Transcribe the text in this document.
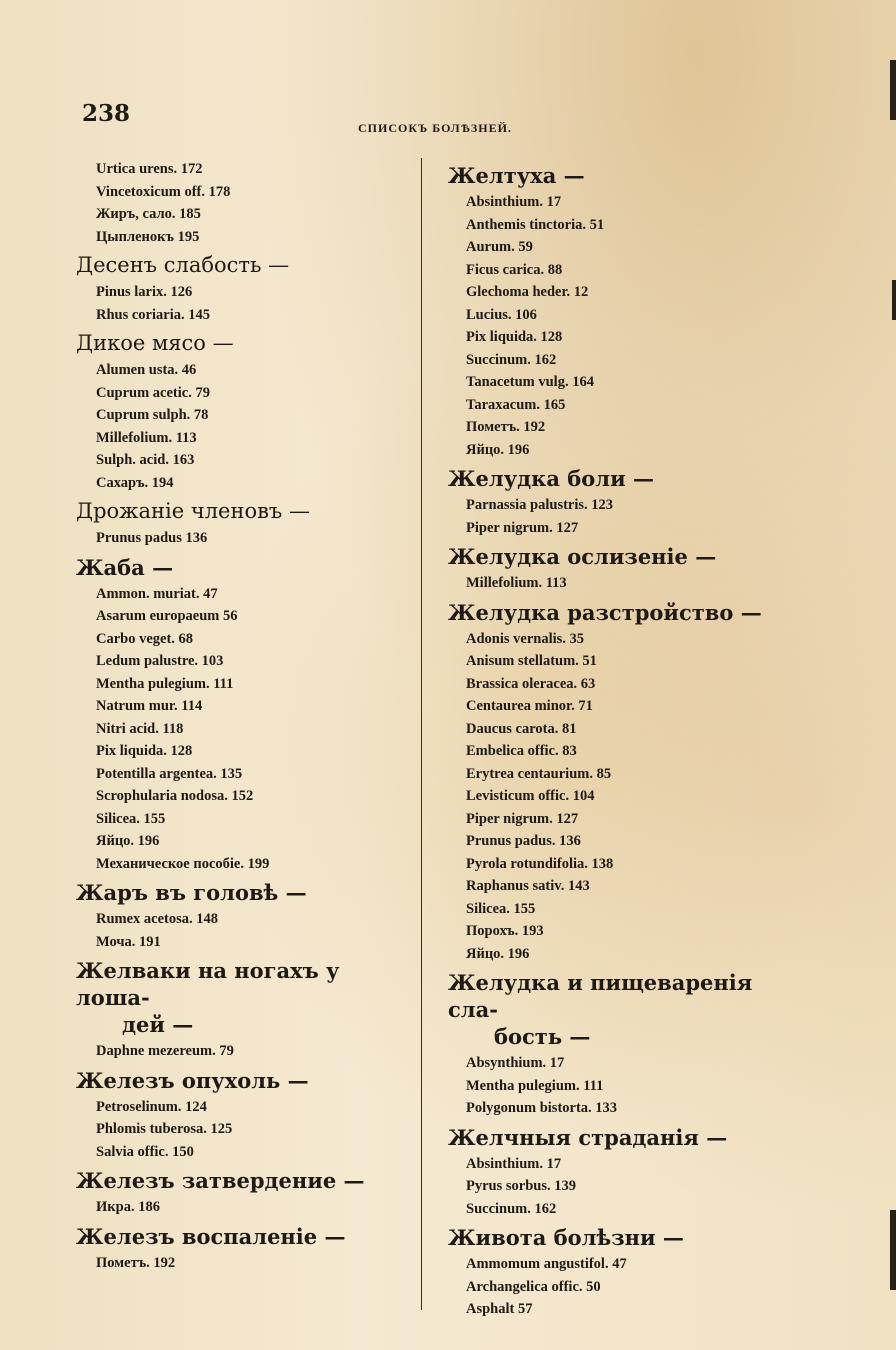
238
СПИСОКЪ БОЛѢЗНЕЙ.
Urtica urens. 172
Vincetoxicum off. 178
Жиръ, сало. 185
Цыпленокъ 195
Десенъ слабость —
Pinus larix. 126
Rhus coriaria. 145
Дикое мясо —
Alumen usta. 46
Cuprum acetic. 79
Cuprum sulph. 78
Millefolium. 113
Sulph. acid. 163
Сахаръ. 194
Дрожанie членовъ —
Prunus padus 136
Жаба —
Ammon. muriat. 47
Asarum europaeum 56
Carbo veget. 68
Ledum palustre. 103
Mentha pulegium. 111
Natrum mur. 114
Nitri acid. 118
Pix liquida. 128
Potentilla argentea. 135
Scrophularia nodosa. 152
Silicea. 155
Яйцо. 196
Механическое пособie. 199
Жаръ въ головѣ —
Rumex acetosa. 148
Моча. 191
Желваки на ногахъ у лоша-
дей —
Daphne mezereum. 79
Железъ опухоль —
Petroselinum. 124
Phlomis tuberosa. 125
Salvia offic. 150
Железъ затвердениe —
Икра. 186
Железъ воспаленie —
Пометъ. 192
Желтуха —
Absinthium. 17
Anthemis tinctoria. 51
Aurum. 59
Ficus carica. 88
Glechoma heder. 12
Lucius. 106
Pix liquida. 128
Succinum. 162
Tanacetum vulg. 164
Taraxacum. 165
Пометъ. 192
Яйцо. 196
Желудка боли —
Parnassia palustris. 123
Piper nigrum. 127
Желудка ослизенie —
Millefolium. 113
Желудка разстройство —
Adonis vernalis. 35
Anisum stellatum. 51
Brassica oleracea. 63
Centaurea minor. 71
Daucus carota. 81
Embelica offic. 83
Erytrea centaurium. 85
Levisticum offic. 104
Piper nigrum. 127
Prunus padus. 136
Pyrola rotundifolia. 138
Raphanus sativ. 143
Silicea. 155
Порохъ. 193
Яйцо. 196
Желудка и пищеваренiя сла-
бость —
Absynthium. 17
Mentha pulegium. 111
Polygonum bistorta. 133
Желчныя страданiя —
Absinthium. 17
Pyrus sorbus. 139
Succinum. 162
Живота болѣзни —
Ammomum angustifol. 47
Archangelica offic. 50
Asphalt 57
